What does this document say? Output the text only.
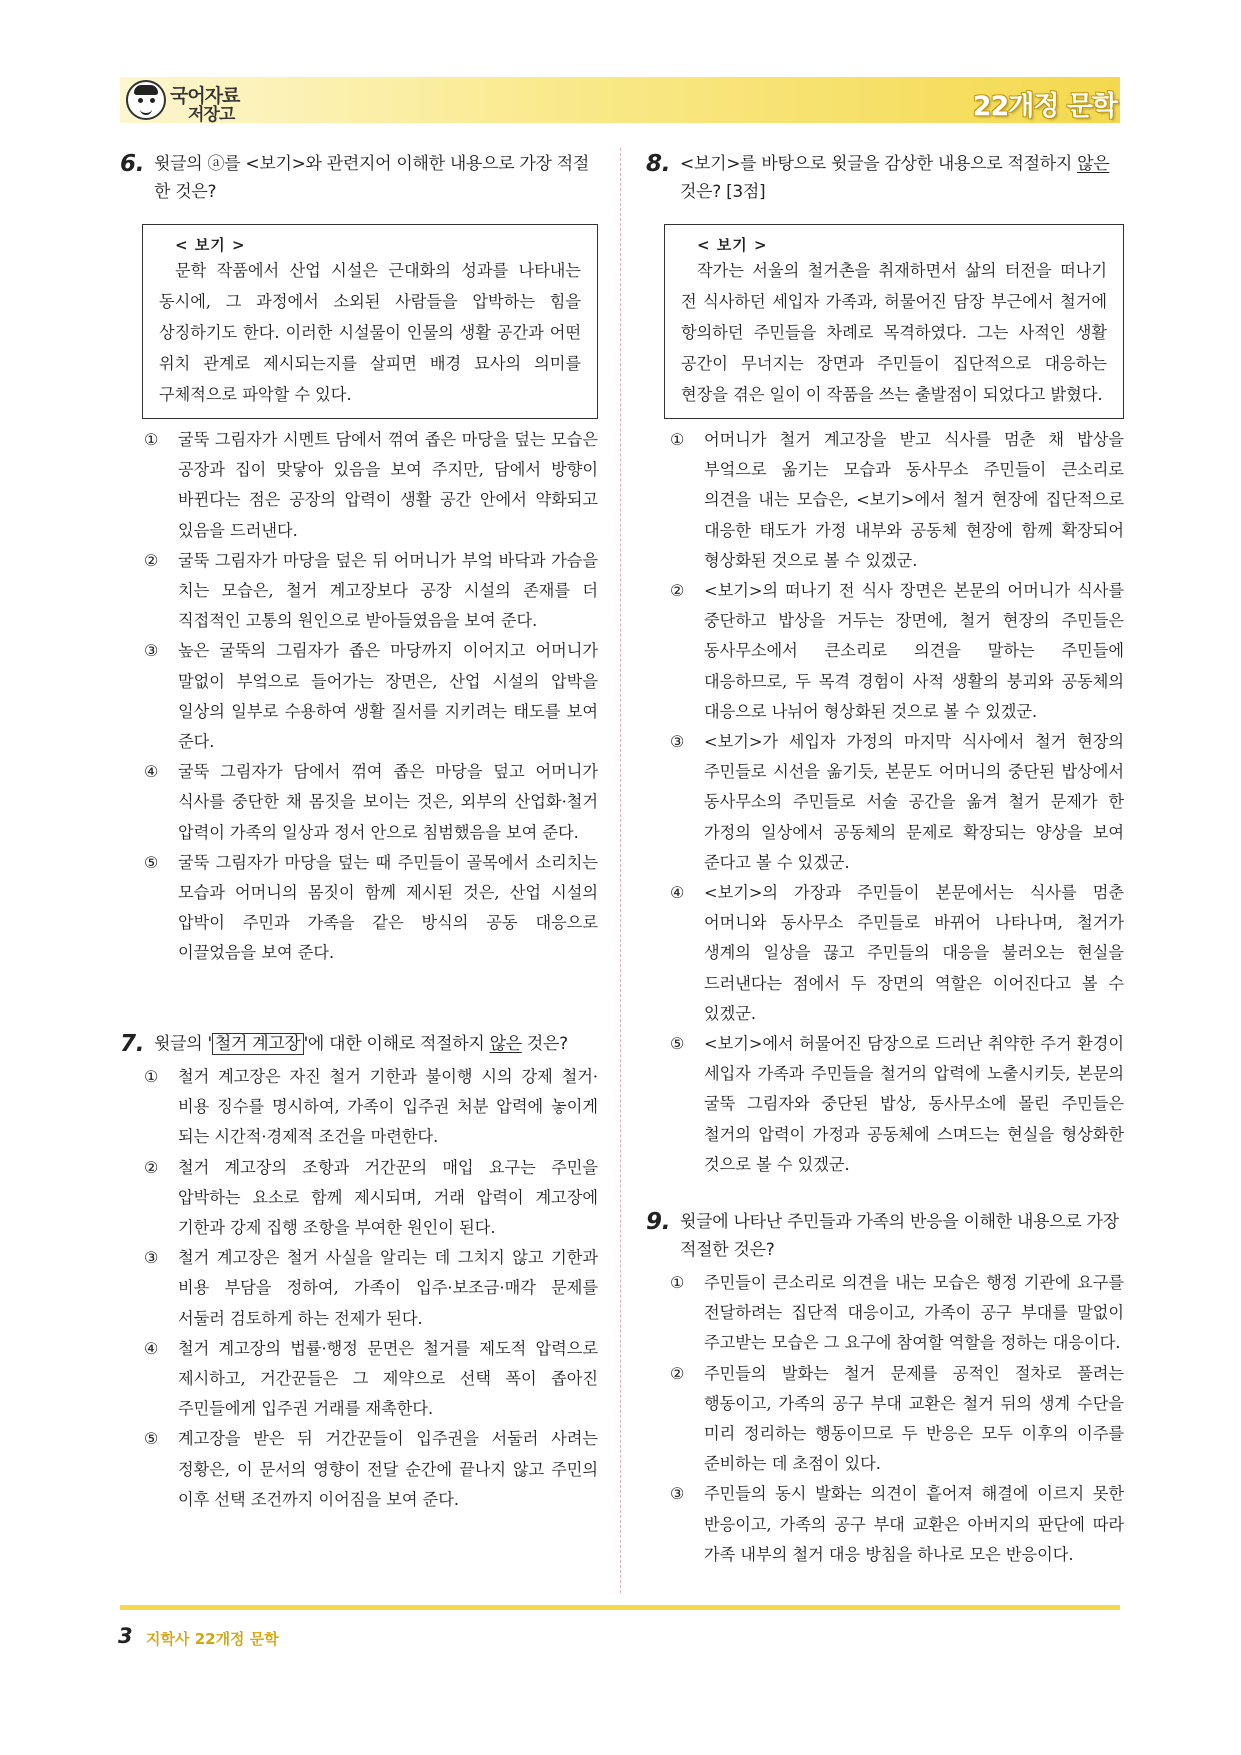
국어자료
저장고	22개정 문학
6. 윗글의 ⓐ를 <보기>와 관련지어 이해한 내용으로 가장 적절한 것은?
< 보기 >
문학 작품에서 산업 시설은 근대화의 성과를 나타내는 동시에, 그 과정에서 소외된 사람들을 압박하는 힘을 상징하기도 한다. 이러한 시설물이 인물의 생활 공간과 어떤 위치 관계로 제시되는지를 살피면 배경 묘사의 의미를 구체적으로 파악할 수 있다.
①	굴뚝 그림자가 시멘트 담에서 꺾여 좁은 마당을 덮는 모습은 공장과 집이 맞닿아 있음을 보여 주지만, 담에서 방향이 바뀐다는 점은 공장의 압력이 생활 공간 안에서 약화되고 있음을 드러낸다.
②	굴뚝 그림자가 마당을 덮은 뒤 어머니가 부엌 바닥과 가슴을 치는 모습은, 철거 계고장보다 공장 시설의 존재를 더 직접적인 고통의 원인으로 받아들였음을 보여 준다.
③	높은 굴뚝의 그림자가 좁은 마당까지 이어지고 어머니가 말없이 부엌으로 들어가는 장면은, 산업 시설의 압박을 일상의 일부로 수용하여 생활 질서를 지키려는 태도를 보여 준다.
④	굴뚝 그림자가 담에서 꺾여 좁은 마당을 덮고 어머니가 식사를 중단한 채 몸짓을 보이는 것은, 외부의 산업화·철거 압력이 가족의 일상과 정서 안으로 침범했음을 보여 준다.
⑤	굴뚝 그림자가 마당을 덮는 때 주민들이 골목에서 소리치는 모습과 어머니의 몸짓이 함께 제시된 것은, 산업 시설의 압박이 주민과 가족을 같은 방식의 공동 대응으로 이끌었음을 보여 준다.
7. 윗글의 ' 철거 계고장 '에 대한 이해로 적절하지 않은 것은?
①	철거 계고장은 자진 철거 기한과 불이행 시의 강제 철거·비용 징수를 명시하여, 가족이 입주권 처분 압력에 놓이게 되는 시간적·경제적 조건을 마련한다.
②	철거 계고장의 조항과 거간꾼의 매입 요구는 주민을 압박하는 요소로 함께 제시되며, 거래 압력이 계고장에 기한과 강제 집행 조항을 부여한 원인이 된다.
③	철거 계고장은 철거 사실을 알리는 데 그치지 않고 기한과 비용 부담을 정하여, 가족이 입주·보조금·매각 문제를 서둘러 검토하게 하는 전제가 된다.
④	철거 계고장의 법률·행정 문면은 철거를 제도적 압력으로 제시하고, 거간꾼들은 그 제약으로 선택 폭이 좁아진 주민들에게 입주권 거래를 재촉한다.
⑤	계고장을 받은 뒤 거간꾼들이 입주권을 서둘러 사려는 정황은, 이 문서의 영향이 전달 순간에 끝나지 않고 주민의 이후 선택 조건까지 이어짐을 보여 준다.
8. <보기>를 바탕으로 윗글을 감상한 내용으로 적절하지 않은 것은? [3점]
< 보기 >
작가는 서울의 철거촌을 취재하면서 삶의 터전을 떠나기 전 식사하던 세입자 가족과, 허물어진 담장 부근에서 철거에 항의하던 주민들을 차례로 목격하였다. 그는 사적인 생활 공간이 무너지는 장면과 주민들이 집단적으로 대응하는 현장을 겪은 일이 이 작품을 쓰는 출발점이 되었다고 밝혔다.
①	어머니가 철거 계고장을 받고 식사를 멈춘 채 밥상을 부엌으로 옮기는 모습과 동사무소 주민들이 큰소리로 의견을 내는 모습은, <보기>에서 철거 현장에 집단적으로 대응한 태도가 가정 내부와 공동체 현장에 함께 확장되어 형상화된 것으로 볼 수 있겠군.
②	<보기>의 떠나기 전 식사 장면은 본문의 어머니가 식사를 중단하고 밥상을 거두는 장면에, 철거 현장의 주민들은 동사무소에서 큰소리로 의견을 말하는 주민들에 대응하므로, 두 목격 경험이 사적 생활의 붕괴와 공동체의 대응으로 나뉘어 형상화된 것으로 볼 수 있겠군.
③	<보기>가 세입자 가정의 마지막 식사에서 철거 현장의 주민들로 시선을 옮기듯, 본문도 어머니의 중단된 밥상에서 동사무소의 주민들로 서술 공간을 옮겨 철거 문제가 한 가정의 일상에서 공동체의 문제로 확장되는 양상을 보여 준다고 볼 수 있겠군.
④	<보기>의 가장과 주민들이 본문에서는 식사를 멈춘 어머니와 동사무소 주민들로 바뀌어 나타나며, 철거가 생계의 일상을 끊고 주민들의 대응을 불러오는 현실을 드러낸다는 점에서 두 장면의 역할은 이어진다고 볼 수 있겠군.
⑤	<보기>에서 허물어진 담장으로 드러난 취약한 주거 환경이 세입자 가족과 주민들을 철거의 압력에 노출시키듯, 본문의 굴뚝 그림자와 중단된 밥상, 동사무소에 몰린 주민들은 철거의 압력이 가정과 공동체에 스며드는 현실을 형상화한 것으로 볼 수 있겠군.
9. 윗글에 나타난 주민들과 가족의 반응을 이해한 내용으로 가장 적절한 것은?
①	주민들이 큰소리로 의견을 내는 모습은 행정 기관에 요구를 전달하려는 집단적 대응이고, 가족이 공구 부대를 말없이 주고받는 모습은 그 요구에 참여할 역할을 정하는 대응이다.
②	주민들의 발화는 철거 문제를 공적인 절차로 풀려는 행동이고, 가족의 공구 부대 교환은 철거 뒤의 생계 수단을 미리 정리하는 행동이므로 두 반응은 모두 이후의 이주를 준비하는 데 초점이 있다.
③	주민들의 동시 발화는 의견이 흩어져 해결에 이르지 못한 반응이고, 가족의 공구 부대 교환은 아버지의 판단에 따라 가족 내부의 철거 대응 방침을 하나로 모은 반응이다.
3 지학사 22개정 문학
